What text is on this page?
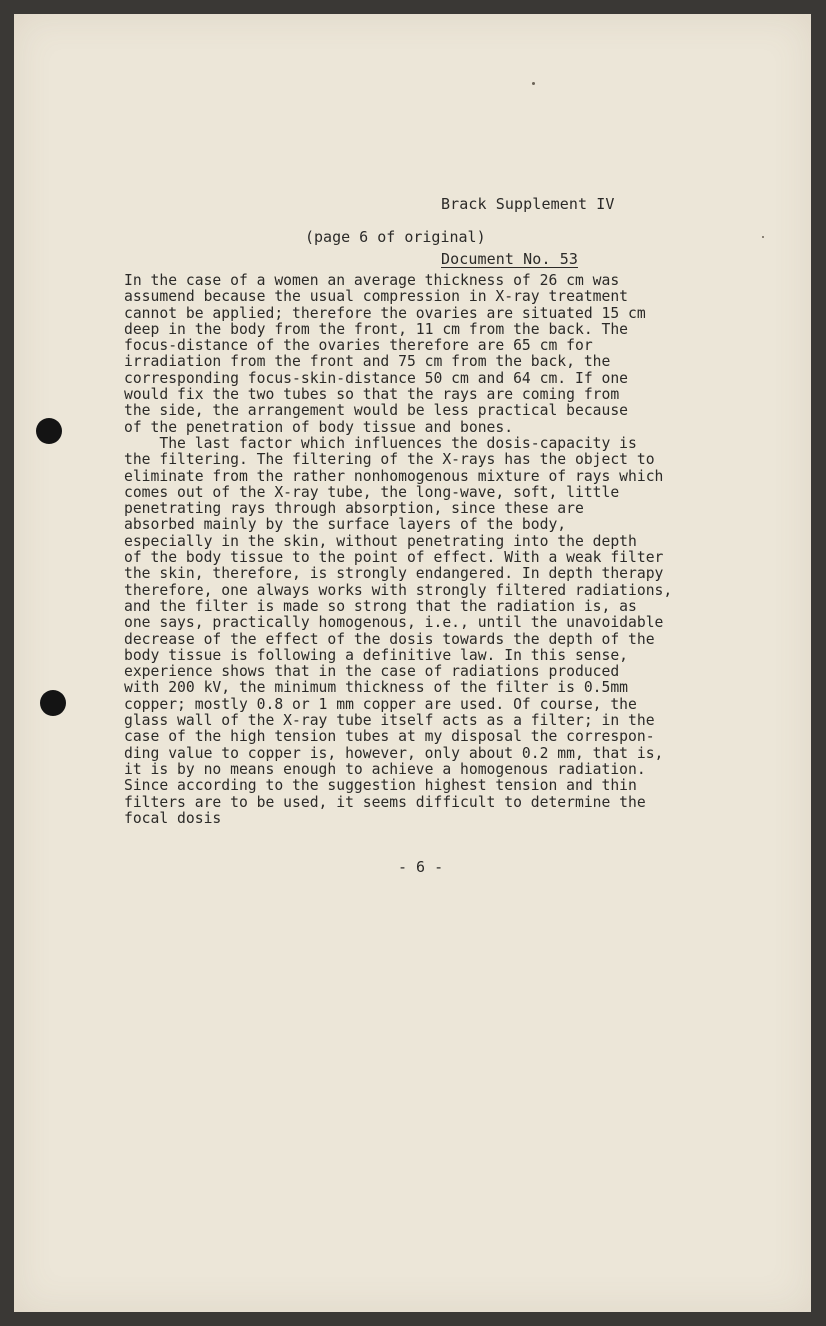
Brack Supplement IV

Document No. 53

(page 6 of original)
In the case of a women an average thickness of 26 cm was
assumend because the usual compression in X-ray treatment
cannot be applied; therefore the ovaries are situated 15 cm
deep in the body from the front, 11 cm from the back. The
focus-distance of the ovaries therefore are 65 cm for
irradiation from the front and 75 cm from the back, the
corresponding focus-skin-distance 50 cm and 64 cm. If one
would fix the two tubes so that the rays are coming from
the side, the arrangement would be less practical because
of the penetration of body tissue and bones.
The last factor which influences the dosis-capacity is
the filtering. The filtering of the X-rays has the object to
eliminate from the rather nonhomogenous mixture of rays which
comes out of the X-ray tube, the long-wave, soft, little
penetrating rays through absorption, since these are
absorbed mainly by the surface layers of the body,
especially in the skin, without penetrating into the depth
of the body tissue to the point of effect. With a weak filter
the skin, therefore, is strongly endangered. In depth therapy
therefore, one always works with strongly filtered radiations,
and the filter is made so strong that the radiation is, as
one says, practically homogenous, i.e., until the unavoidable
decrease of the effect of the dosis towards the depth of the
body tissue is following a definitive law. In this sense,
experience shows that in the case of radiations produced
with 200 kV, the minimum thickness of the filter is 0.5mm
copper; mostly 0.8 or 1 mm copper are used. Of course, the
glass wall of the X-ray tube itself acts as a filter; in the
case of the high tension tubes at my disposal the correspon-
ding value to copper is, however, only about 0.2 mm, that is,
it is by no means enough to achieve a homogenous radiation.
Since according to the suggestion highest tension and thin
filters are to be used, it seems difficult to determine the
focal dosis
- 6 -
